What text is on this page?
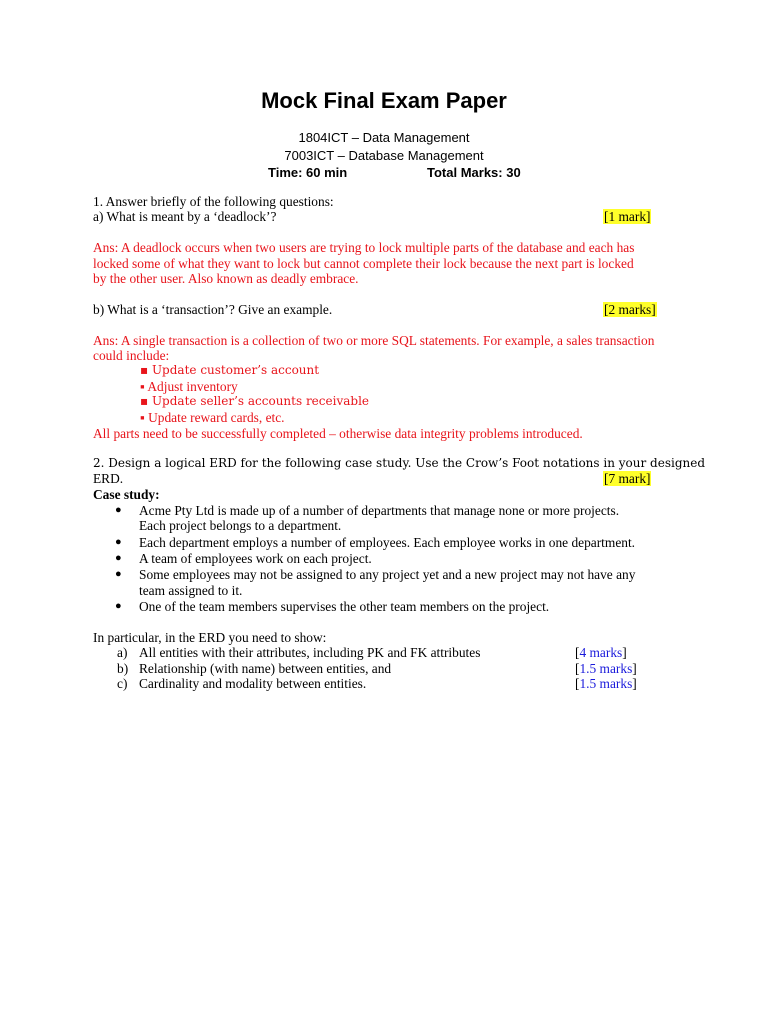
Mock Final Exam Paper
1804ICT – Data Management
7003ICT – Database Management
Time: 60 min	Total Marks: 30
1. Answer briefly of the following questions:
a) What is meant by a ‘deadlock’?	[1 mark]
Ans: A deadlock occurs when two users are trying to lock multiple parts of the database and each has
locked some of what they want to lock but cannot complete their lock because the next part is locked
by the other user. Also known as deadly embrace.
b) What is a ‘transaction’? Give an example.	[2 marks]
Ans: A single transaction is a collection of two or more SQL statements. For example, a sales transaction
could include:
▪ Update customer’s account
▪ Adjust inventory
▪ Update seller’s accounts receivable
▪ Update reward cards, etc.
All parts need to be successfully completed – otherwise data integrity problems introduced.
2. Design a logical ERD for the following case study. Use the Crow’s Foot notations in your designed
ERD.	[7 mark]
Case study:
● Acme Pty Ltd is made up of a number of departments that manage none or more projects.
Each project belongs to a department.
● Each department employs a number of employees. Each employee works in one department.
● A team of employees work on each project.
● Some employees may not be assigned to any project yet and a new project may not have any
team assigned to it.
● One of the team members supervises the other team members on the project.
In particular, in the ERD you need to show:
a) All entities with their attributes, including PK and FK attributes	[4 marks]
b) Relationship (with name) between entities, and	[1.5 marks]
c) Cardinality and modality between entities.	[1.5 marks]
